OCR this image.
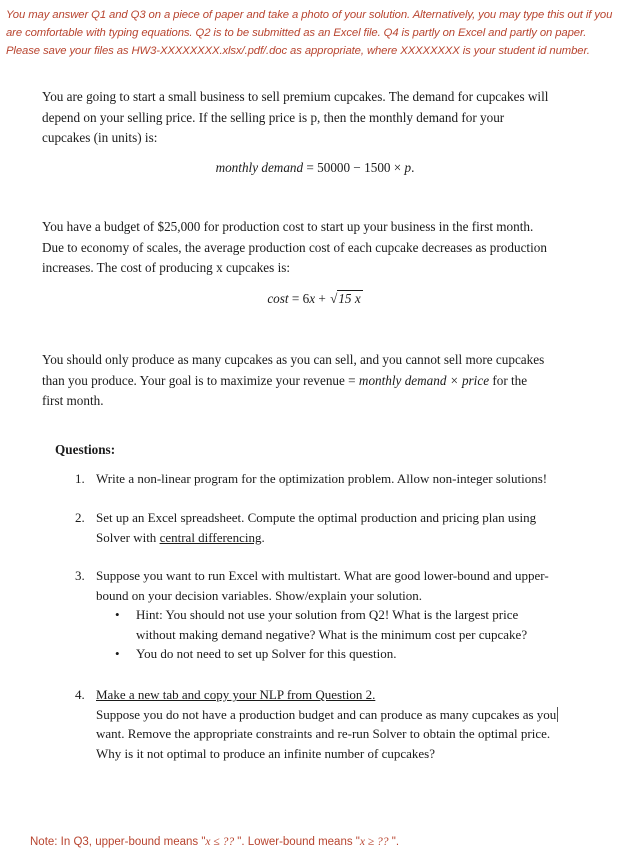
You may answer Q1 and Q3 on a piece of paper and take a photo of your solution. Alternatively, you may type this out if you
are comfortable with typing equations. Q2 is to be submitted as an Excel file. Q4 is partly on Excel and partly on paper.
Please save your files as HW3-XXXXXXXX.xlsx/.pdf/.doc as appropriate, where XXXXXXXX is your student id number.
You are going to start a small business to sell premium cupcakes. The demand for cupcakes will
depend on your selling price. If the selling price is p, then the monthly demand for your
cupcakes (in units) is:
monthly demand = 50000 − 1500 × p.
You have a budget of $25,000 for production cost to start up your business in the first month.
Due to economy of scales, the average production cost of each cupcake decreases as production
increases. The cost of producing x cupcakes is:
cost = 6x + √15 x
You should only produce as many cupcakes as you can sell, and you cannot sell more cupcakes
than you produce. Your goal is to maximize your revenue = monthly demand × price for the
first month.
Questions:
1. Write a non-linear program for the optimization problem. Allow non-integer solutions!
2. Set up an Excel spreadsheet. Compute the optimal production and pricing plan using
Solver with central differencing.
3. Suppose you want to run Excel with multistart. What are good lower-bound and upper-
bound on your decision variables. Show/explain your solution.
• Hint: You should not use your solution from Q2! What is the largest price
without making demand negative? What is the minimum cost per cupcake?
• You do not need to set up Solver for this question.
4. Make a new tab and copy your NLP from Question 2.
Suppose you do not have a production budget and can produce as many cupcakes as you
want. Remove the appropriate constraints and re-run Solver to obtain the optimal price.
Why is it not optimal to produce an infinite number of cupcakes?
Note: In Q3, upper-bound means "x ≤ ?? ". Lower-bound means "x ≥ ?? ".
